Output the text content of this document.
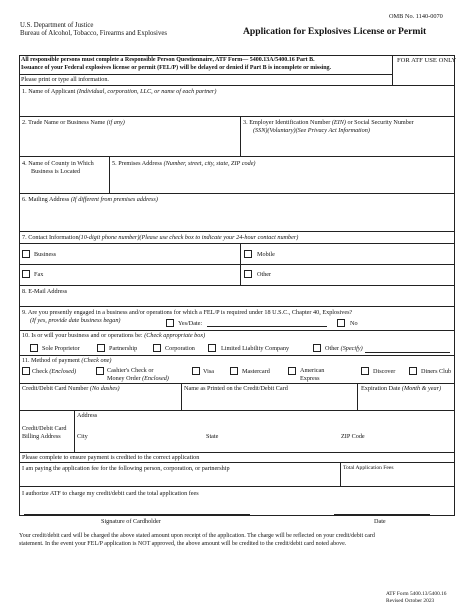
OMB No. 1140-0070
U.S. Department of Justice
Bureau of Alcohol, Tobacco, Firearms and Explosives	Application for Explosives License or Permit
All responsible persons must complete a Responsible Person Questionnaire, ATF Form— 5400.13A/5400.16 Part B.
Issuance of your Federal explosives license or permit (FEL/P) will be delayed or denied if Part B is incomplete or missing.
Please print or type all information.
FOR ATF USE ONLY
1. Name of Applicant (Individual, corporation, LLC, or name of each partner)
2. Trade Name or Business Name (if any)	3. Employer Identification Number (EIN) or Social Security Number
(SSN)(Voluntary)(See Privacy Act Information)
4. Name of County in Which
Business is Located
5. Premises Address (Number, street, city, state, ZIP code)
6. Mailing Address (If different from premises address)
7. Contact Information(10-digit phone number)(Please use check box to indicate your 24-hour contact number)
Business	Mobile
Fax	Other
8. E-Mail Address
9. Are you presently engaged in a business and/or operations for which a FEL/P is required under 18 U.S.C., Chapter 40, Explosives?
(If yes, provide date business began)	Yes/Date:	No
10. Is or will your business and or operations be: (Check appropriate box)
Sole Proprietor	Partnership	Corporation	Limited Liability Company	Other (Specify)
11. Method of payment (Check one)
Check (Enclosed)	Cashier's Check or
Money Order (Enclosed)
Visa	Mastercard	American
Express
Discover	Diners Club
Credit/Debit Card Number (No dashes)	Name as Printed on the Credit/Debit Card	Expiration Date (Month & year)
Address
Credit/Debit Card
Billing Address	City	State	ZIP Code
Please complete to ensure payment is credited to the correct application
I am paying the application fee for the following person, corporation, or partnership	Total Application Fees
I authorize ATF to charge my credit/debit card the total application fees
Signature of Cardholder	Date
Your credit/debit card will be charged the above stated amount upon receipt of the application. The charge will be reflected on your credit/debit card
statement. In the event your FEL/P application is NOT approved, the above amount will be credited to the credit/debit card noted above.
ATF Form 5400.13/5400.16
Revised October 2023
